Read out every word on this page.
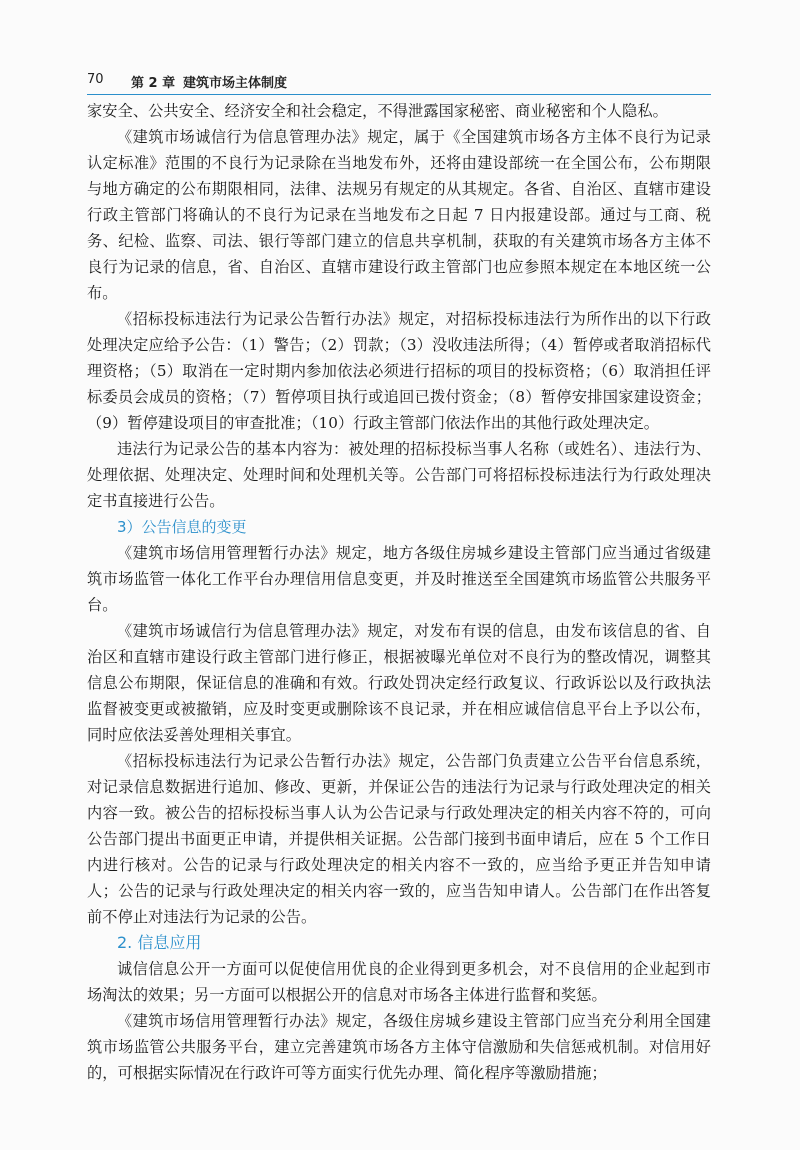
70 第 2 章 建筑市场主体制度

家安全、公共安全、经济安全和社会稳定，不得泄露国家秘密、商业秘密和个人隐私。

《建筑市场诚信行为信息管理办法》规定，属于《全国建筑市场各方主体不良行为记录认定标准》范围的不良行为记录除在当地发布外，还将由建设部统一在全国公布，公布期限与地方确定的公布期限相同，法律、法规另有规定的从其规定。各省、自治区、直辖市建设行政主管部门将确认的不良行为记录在当地发布之日起 7 日内报建设部。通过与工商、税务、纪检、监察、司法、银行等部门建立的信息共享机制，获取的有关建筑市场各方主体不良行为记录的信息，省、自治区、直辖市建设行政主管部门也应参照本规定在本地区统一公布。

《招标投标违法行为记录公告暂行办法》规定，对招标投标违法行为所作出的以下行政处理决定应给予公告：（1）警告；（2）罚款；（3）没收违法所得；（4）暂停或者取消招标代理资格；（5）取消在一定时期内参加依法必须进行招标的项目的投标资格；（6）取消担任评标委员会成员的资格；（7）暂停项目执行或追回已拨付资金；（8）暂停安排国家建设资金；（9）暂停建设项目的审查批准；（10）行政主管部门依法作出的其他行政处理决定。

违法行为记录公告的基本内容为：被处理的招标投标当事人名称（或姓名）、违法行为、处理依据、处理决定、处理时间和处理机关等。公告部门可将招标投标违法行为行政处理决定书直接进行公告。

3）公告信息的变更

《建筑市场信用管理暂行办法》规定，地方各级住房城乡建设主管部门应当通过省级建筑市场监管一体化工作平台办理信用信息变更，并及时推送至全国建筑市场监管公共服务平台。

《建筑市场诚信行为信息管理办法》规定，对发布有误的信息，由发布该信息的省、自治区和直辖市建设行政主管部门进行修正，根据被曝光单位对不良行为的整改情况，调整其信息公布期限，保证信息的准确和有效。行政处罚决定经行政复议、行政诉讼以及行政执法监督被变更或被撤销，应及时变更或删除该不良记录，并在相应诚信信息平台上予以公布，同时应依法妥善处理相关事宜。

《招标投标违法行为记录公告暂行办法》规定，公告部门负责建立公告平台信息系统，对记录信息数据进行追加、修改、更新，并保证公告的违法行为记录与行政处理决定的相关内容一致。被公告的招标投标当事人认为公告记录与行政处理决定的相关内容不符的，可向公告部门提出书面更正申请，并提供相关证据。公告部门接到书面申请后，应在 5 个工作日内进行核对。公告的记录与行政处理决定的相关内容不一致的，应当给予更正并告知申请人；公告的记录与行政处理决定的相关内容一致的，应当告知申请人。公告部门在作出答复前不停止对违法行为记录的公告。

2. 信息应用

诚信信息公开一方面可以促使信用优良的企业得到更多机会，对不良信用的企业起到市场淘汰的效果；另一方面可以根据公开的信息对市场各主体进行监督和奖惩。

《建筑市场信用管理暂行办法》规定，各级住房城乡建设主管部门应当充分利用全国建筑市场监管公共服务平台，建立完善建筑市场各方主体守信激励和失信惩戒机制。对信用好的，可根据实际情况在行政许可等方面实行优先办理、简化程序等激励措施；
